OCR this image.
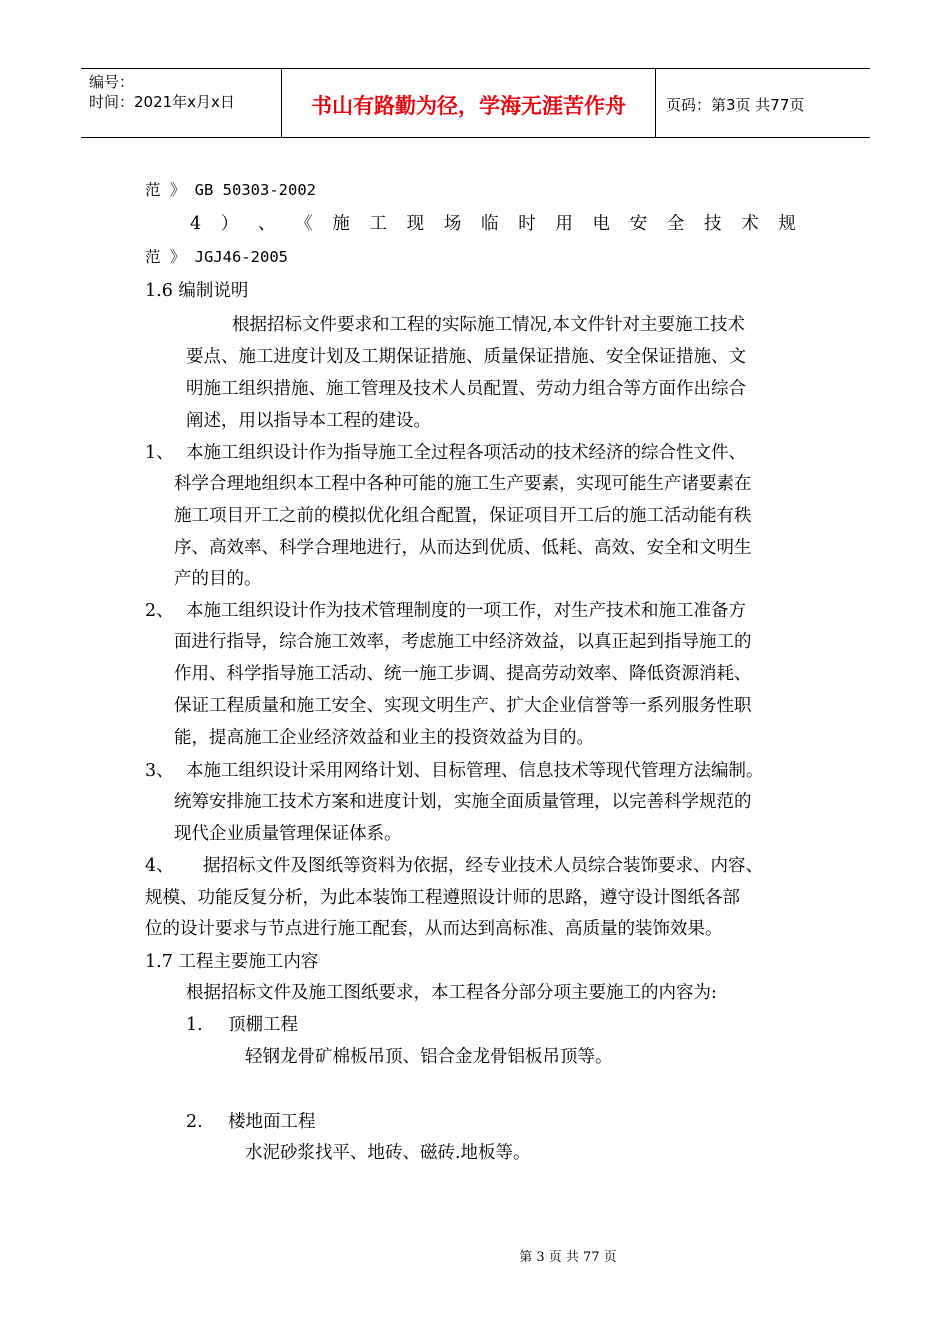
编号：
时间：2021年x月x日	书山有路勤为径，学海无涯苦作舟	页码：第3页 共77页
范 》 GB 50303-2002
4 ） 、 《 施 工 现 场 临 时 用 电 安 全 技 术 规
范 》 JGJ46-2005
1.6 编制说明
根据招标文件要求和工程的实际施工情况,本文件针对主要施工技术
要点、施工进度计划及工期保证措施、质量保证措施、安全保证措施、文
明施工组织措施、施工管理及技术人员配置、劳动力组合等方面作出综合
阐述，用以指导本工程的建设。
1、 本施工组织设计作为指导施工全过程各项活动的技术经济的综合性文件、
科学合理地组织本工程中各种可能的施工生产要素，实现可能生产诸要素在
施工项目开工之前的模拟优化组合配置，保证项目开工后的施工活动能有秩
序、高效率、科学合理地进行，从而达到优质、低耗、高效、安全和文明生
产的目的。
2、 本施工组织设计作为技术管理制度的一项工作，对生产技术和施工准备方
面进行指导，综合施工效率，考虑施工中经济效益，以真正起到指导施工的
作用、科学指导施工活动、统一施工步调、提高劳动效率、降低资源消耗、
保证工程质量和施工安全、实现文明生产、扩大企业信誉等一系列服务性职
能，提高施工企业经济效益和业主的投资效益为目的。
3、 本施工组织设计采用网络计划、目标管理、信息技术等现代管理方法编制。
统筹安排施工技术方案和进度计划，实施全面质量管理，以完善科学规范的
现代企业质量管理保证体系。
4、 据招标文件及图纸等资料为依据，经专业技术人员综合装饰要求、内容、
规模、功能反复分析，为此本装饰工程遵照设计师的思路，遵守设计图纸各部
位的设计要求与节点进行施工配套，从而达到高标准、高质量的装饰效果。
1.7 工程主要施工内容
根据招标文件及施工图纸要求，本工程各分部分项主要施工的内容为:
1. 顶棚工程
轻钢龙骨矿棉板吊顶、铝合金龙骨铝板吊顶等。
2. 楼地面工程
水泥砂浆找平、地砖、磁砖.地板等。
第 3 页 共 77 页
